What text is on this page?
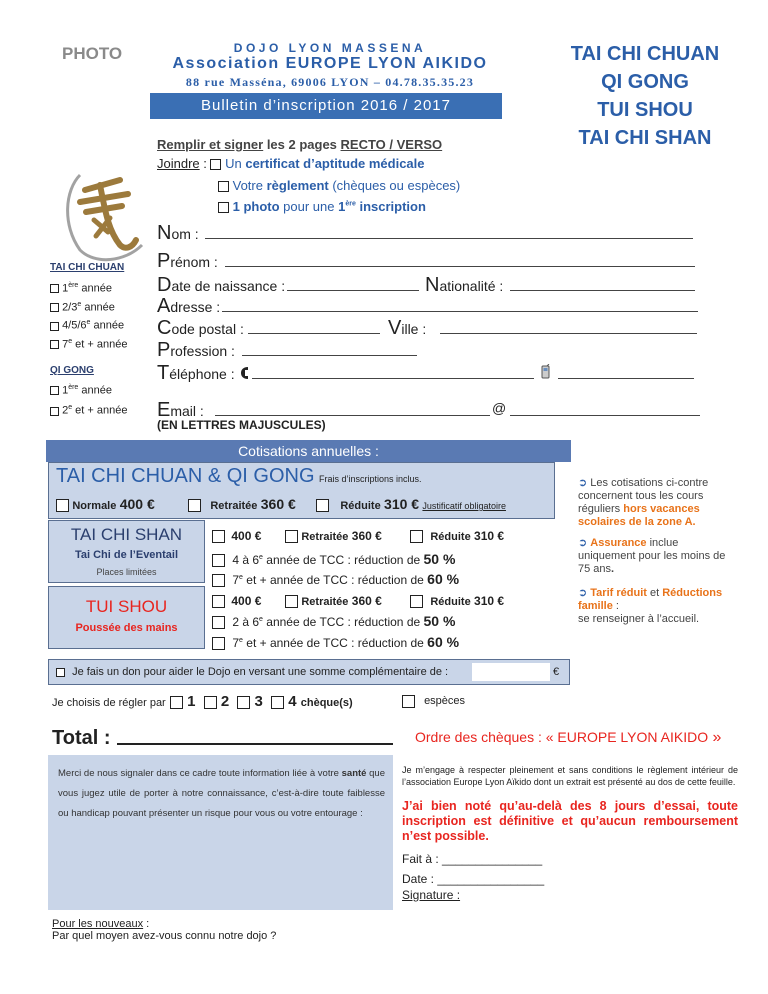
PHOTO	DOJO LYON MASSENA
Association EUROPE LYON AIKIDO
88 rue Masséna, 69006 LYON – 04.78.35.35.23
Bulletin d’inscription 2016 / 2017
TAI CHI CHUAN
QI GONG
TUI SHOU
TAI CHI SHAN
Remplir et signer les 2 pages RECTO / VERSO
Joindre :  Un certificat d’aptitude médicale
Votre règlement (chèques ou espèces)
1 photo pour une 1ère inscription
TAI CHI CHUAN
1ère année
2/3e année
4/5/6e année
7e et + année
QI GONG
1ère année
2e et + année
Nom :
Prénom :
Date de naissance :	Nationalité :
Adresse :
Code postal :	Ville :
Profession :
Téléphone :
Email :	@
(EN LETTRES MAJUSCULES)
Cotisations annuelles :
TAI CHI CHUAN & QI GONG Frais d’inscriptions inclus.
Normale 400 €	Retraitée 360 €	Réduite 310 € Justificatif obligatoire
TAI CHI SHAN
Tai Chi de l’Eventail
Places limitées
400 €	Retraitée 360 €	Réduite 310 €
4 à 6e année de TCC : réduction de 50 %
7e et + année de TCC : réduction de 60 %
TUI SHOU
Poussée des mains
400 €	Retraitée 360 €	Réduite 310 €
2 à 6e année de TCC : réduction de 50 %
7e et + année de TCC : réduction de 60 %
Je fais un don pour aider le Dojo en versant une somme complémentaire de :	€
➲ Les cotisations ci-contre concernent tous les cours réguliers hors vacances scolaires de la zone A.
➲ Assurance inclue uniquement pour les moins de 75 ans.
➲ Tarif réduit et Réductions famille :
se renseigner à l’accueil.
Je choisis de régler par	1 2 3 4 chèque(s)	espèces
Total :	Ordre des chèques : « EUROPE LYON AIKIDO »
Merci de nous signaler dans ce cadre toute information liée à votre santé que vous jugez utile de porter à notre connaissance, c’est-à-dire toute faiblesse ou handicap pouvant présenter un risque pour vous ou votre entourage :
Pour les nouveaux :
Par quel moyen avez-vous connu notre dojo ?
Je m’engage à respecter pleinement et sans conditions le règlement intérieur de l’association Europe Lyon Aïkido dont un extrait est présenté au dos de cette feuille.
J’ai bien noté qu’au-delà des 8 jours d’essai, toute inscription est définitive et qu’aucun remboursement n’est possible.
Fait à : _______________
Date : ________________
Signature :
